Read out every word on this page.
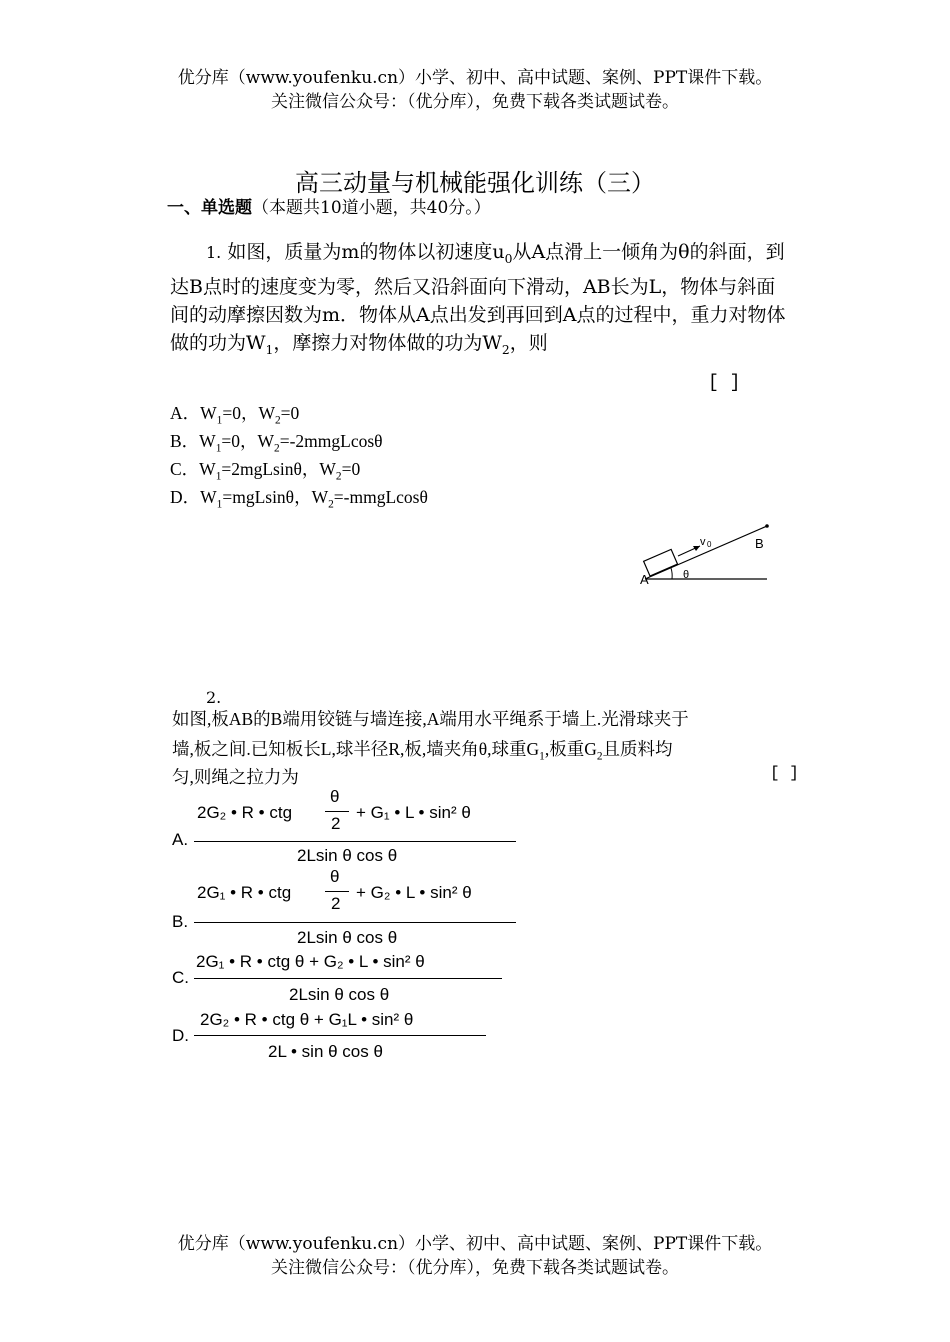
优分库（www.youfenku.cn）小学、初中、高中试题、案例、PPT课件下载。
关注微信公众号：（优分库），免费下载各类试题试卷。
高三动量与机械能强化训练（三）
一、单选题（本题共10道小题，共40分。）
1. 如图，质量为m的物体以初速度$u_0$从A点滑上一倾角为θ的斜面，到达B点时的速度变为零，然后又沿斜面向下滑动，AB长为L，物体与斜面间的动摩擦因数为m．物体从A点出发到再回到A点的过程中，重力对物体做的功为$W_1$，摩擦力对物体做的功为$W_2$，则
[ ]
A．$W_1=0$，$W_2=0$
B．$W_1=0$，$W_2=-2mmgLcos\theta$
C．$W_1=2mgLsin\theta$，$W_2=0$
D．$W_1=mgLsin\theta$，$W_2=$-mmgLcosθ
A
B
θ
v 0
2.
如图,板AB的B端用铰链与墙连接,A端用水平绳系于墙上.光滑球夹于
墙,板之间.已知板长L,球半径R,板,墙夹角θ,球重$G_1$,板重$G_2$且质料均
匀,则绳之拉力为	[ ]
A.
2G₂ • R • ctg
θ
2
+ G₁ • L • sin² θ
2Lsin θ cos θ
B.
2G₁ • R • ctg
θ
2
+ G₂ • L • sin² θ
2Lsin θ cos θ
C.
2G₁ • R • ctg θ + G₂ • L • sin² θ
2Lsin θ cos θ
D.
2G₂ • R • ctg θ + G₁L • sin² θ
2L • sin θ cos θ
优分库（www.youfenku.cn）小学、初中、高中试题、案例、PPT课件下载。
关注微信公众号：（优分库），免费下载各类试题试卷。
